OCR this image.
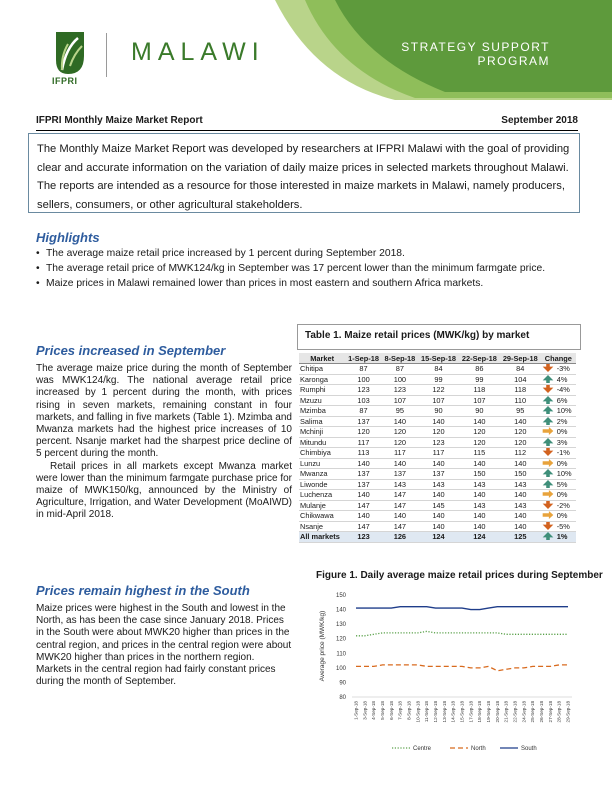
IFPRI
MALAWI	STRATEGY SUPPORT
PROGRAM
IFPRI Monthly Maize Market Report	September 2018
The Monthly Maize Market Report was developed by researchers at IFPRI Malawi with the goal of providing clear and accurate information on the variation of daily maize prices in selected markets throughout Malawi. The reports are intended as a resource for those interested in maize markets in Malawi, namely producers, sellers, consumers, or other agricultural stakeholders.
Highlights
• The average maize retail price increased by 1 percent during September 2018.
• The average retail price of MWK124/kg in September was 17 percent lower than the minimum farmgate price.
• Maize prices in Malawi remained lower than prices in most eastern and southern Africa markets.
Prices increased in September
The average maize price during the month of September was MWK124/kg. The national average retail price increased by 1 percent during the month, with prices rising in seven markets, remaining constant in four markets, and falling in five markets (Table 1). Mzimba and Mwanza markets had the highest price increases of 10 percent. Nsanje market had the sharpest price decline of 5 percent during the month.
Retail prices in all markets except Mwanza market were lower than the minimum farmgate purchase price for maize of MWK150/kg, announced by the Ministry of Agriculture, Irrigation, and Water Development (MoAIWD) in mid-April 2018.
Prices remain highest in the South
Maize prices were highest in the South and lowest in the North, as has been the case since January 2018. Prices in the South were about MWK20 higher than prices in the central region, and prices in the central region were about MWK20 higher than prices in the northern region. Markets in the central region had fairly constant prices during the month of September.
Table 1. Maize retail prices (MWK/kg) by market
Market	1-Sep-18	8-Sep-18	15-Sep-18	22-Sep-18	29-Sep-18	Change
Chitipa	87	87	84	86	84	-3%
Karonga	100	100	99	99	104	4%
Rumphi	123	123	122	118	118	-4%
Mzuzu	103	107	107	107	110	6%
Mzimba	87	95	90	90	95	10%
Salima	137	140	140	140	140	2%
Mchinji	120	120	120	120	120	0%
Mitundu	117	120	123	120	120	3%
Chimbiya	113	117	117	115	112	-1%
Lunzu	140	140	140	140	140	0%
Mwanza	137	137	137	150	150	10%
Liwonde	137	143	143	143	143	5%
Luchenza	140	147	140	140	140	0%
Mulanje	147	147	145	143	143	-2%
Chikwawa	140	140	140	140	140	0%
Nsanje	147	147	140	140	140	-5%
All markets	123	126	124	124	125	1%
Figure 1. Daily average maize retail prices during September
80
90
100
110
120
130
140
150
Average price (MWK/kg)
1-Sep-18 3-Sep-18 4-Sep-18 5-Sep-18 6-Sep-18 7-Sep-18 8-Sep-18 10-Sep-18 11-Sep-18 12-Sep-18 13-Sep-18 14-Sep-18 15-Sep-18 17-Sep-18 18-Sep-18 19-Sep-18 20-Sep-18 21-Sep-18 22-Sep-18 24-Sep-18 25-Sep-18 26-Sep-18 27-Sep-18 28-Sep-18 29-Sep-18
Centre	North	South
